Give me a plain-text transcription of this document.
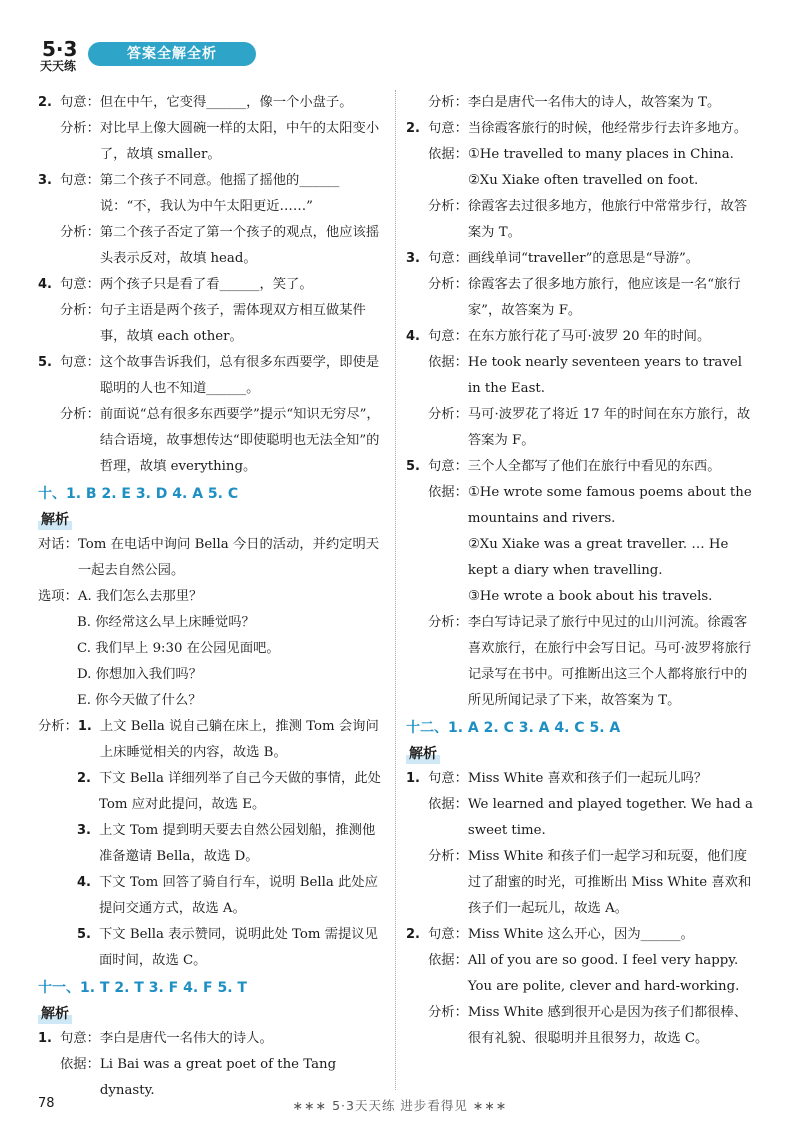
5·3
天天练
答案全解全析
2. 句意： 但在中午，它变得______，像一个小盘子。
分析： 对比早上像大圆碗一样的太阳，中午的太阳变小了，故填 smaller。
3. 句意： 第二个孩子不同意。他摇了摇他的______说：“不，我认为中午太阳更近……”
分析： 第二个孩子否定了第一个孩子的观点，他应该摇头表示反对，故填 head。
4. 句意： 两个孩子只是看了看______，笑了。
分析： 句子主语是两个孩子，需体现双方相互做某件事，故填 each other。
5. 句意： 这个故事告诉我们，总有很多东西要学，即使是聪明的人也不知道______。
分析： 前面说“总有很多东西要学”提示“知识无穷尽”，结合语境，故事想传达“即使聪明也无法全知”的哲理，故填 everything。
十、1. B 2. E 3. D 4. A 5. C
解析
对话： Tom 在电话中询问 Bella 今日的活动，并约定明天一起去自然公园。
选项： A. 我们怎么去那里？
B. 你经常这么早上床睡觉吗？
C. 我们早上 9:30 在公园见面吧。
D. 你想加入我们吗？
E. 你今天做了什么？
分析： 1. 上文 Bella 说自己躺在床上，推测 Tom 会询问上床睡觉相关的内容，故选 B。
2. 下文 Bella 详细列举了自己今天做的事情，此处 Tom 应对此提问，故选 E。
3. 上文 Tom 提到明天要去自然公园划船，推测他准备邀请 Bella，故选 D。
4. 下文 Tom 回答了骑自行车，说明 Bella 此处应提问交通方式，故选 A。
5. 下文 Bella 表示赞同，说明此处 Tom 需提议见面时间，故选 C。
十一、1. T 2. T 3. F 4. F 5. T
解析
1. 句意： 李白是唐代一名伟大的诗人。
依据： Li Bai was a great poet of the Tang dynasty.
分析： 李白是唐代一名伟大的诗人，故答案为 T。
2. 句意： 当徐霞客旅行的时候，他经常步行去许多地方。
依据： ①He travelled to many places in China.

②Xu Xiake often travelled on foot.
分析： 徐霞客去过很多地方，他旅行中常常步行，故答案为 T。
3. 句意： 画线单词“traveller”的意思是“导游”。
分析： 徐霞客去了很多地方旅行，他应该是一名“旅行家”，故答案为 F。
4. 句意： 在东方旅行花了马可·波罗 20 年的时间。
依据： He took nearly seventeen years to travel in the East.
分析： 马可·波罗花了将近 17 年的时间在东方旅行，故答案为 F。
5. 句意： 三个人全都写了他们在旅行中看见的东西。
依据： ①He wrote some famous poems about the mountains and rivers.

②Xu Xiake was a great traveller. … He kept a diary when travelling.

③He wrote a book about his travels.
分析： 李白写诗记录了旅行中见过的山川河流。徐霞客喜欢旅行，在旅行中会写日记。马可·波罗将旅行记录写在书中。可推断出这三个人都将旅行中的所见所闻记录了下来，故答案为 T。
十二、1. A 2. C 3. A 4. C 5. A
解析
1. 句意： Miss White 喜欢和孩子们一起玩儿吗？
依据： We learned and played together. We had a sweet time.
分析： Miss White 和孩子们一起学习和玩耍，他们度过了甜蜜的时光，可推断出 Miss White 喜欢和孩子们一起玩儿，故选 A。
2. 句意： Miss White 这么开心，因为______。
依据： All of you are so good. I feel very happy. You are polite, clever and hard-working.
分析： Miss White 感到很开心是因为孩子们都很棒、很有礼貌、很聪明并且很努力，故选 C。
78	∗∗∗ 5·3天天练 进步看得见 ∗∗∗
